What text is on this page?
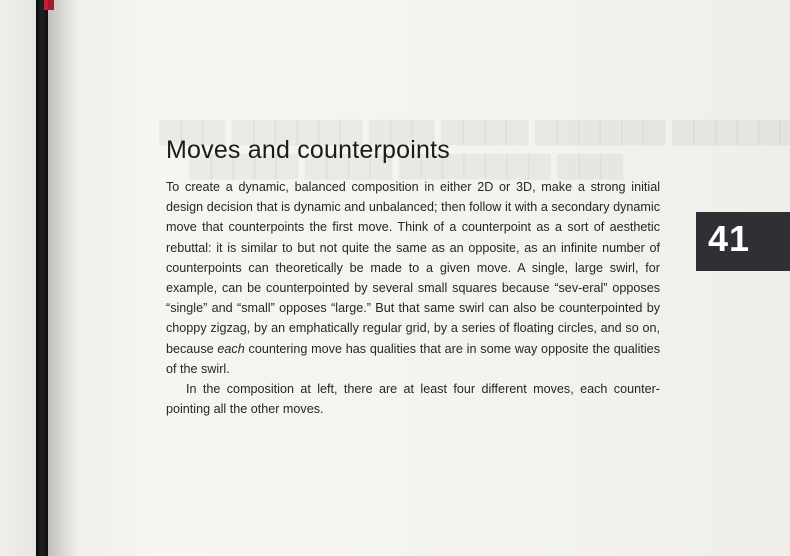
Moves and counterpoints

To create a dynamic, balanced composition in either 2D or 3D, make a strong initial design decision that is dynamic and unbalanced; then follow it with a secondary dynamic move that counterpoints the first move. Think of a counterpoint as a sort of aesthetic rebuttal: it is similar to but not quite the same as an opposite, as an infinite number of counterpoints can theoretically be made to a given move. A single, large swirl, for example, can be counterpointed by several small squares because “sev-eral” opposes “single” and “small” opposes “large.” But that same swirl can also be counterpointed by choppy zigzag, by an emphatically regular grid, by a series of floating circles, and so on, because each countering move has qualities that are in some way opposite the qualities of the swirl.

In the composition at left, there are at least four different moves, each counter-pointing all the other moves.

41
